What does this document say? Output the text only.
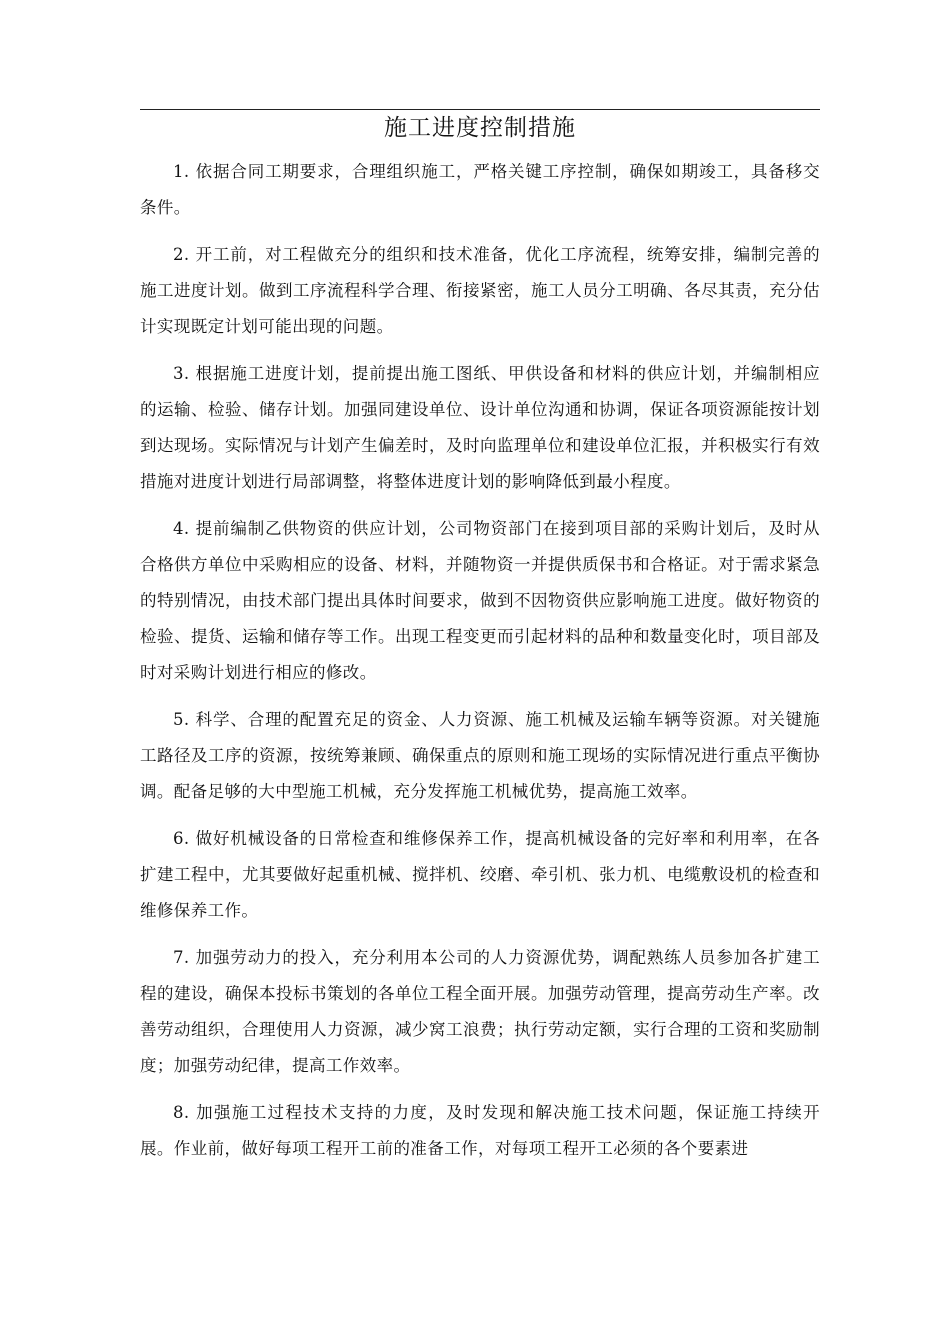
施工进度控制措施

1. 依据合同工期要求，合理组织施工，严格关键工序控制，确保如期竣工，具备移交条件。

2. 开工前，对工程做充分的组织和技术准备，优化工序流程，统筹安排，编制完善的施工进度计划。做到工序流程科学合理、衔接紧密，施工人员分工明确、各尽其责，充分估计实现既定计划可能出现的问题。

3. 根据施工进度计划，提前提出施工图纸、甲供设备和材料的供应计划，并编制相应的运输、检验、储存计划。加强同建设单位、设计单位沟通和协调，保证各项资源能按计划到达现场。实际情况与计划产生偏差时，及时向监理单位和建设单位汇报，并积极实行有效措施对进度计划进行局部调整，将整体进度计划的影响降低到最小程度。

4. 提前编制乙供物资的供应计划，公司物资部门在接到项目部的采购计划后，及时从合格供方单位中采购相应的设备、材料，并随物资一并提供质保书和合格证。对于需求紧急的特别情况，由技术部门提出具体时间要求，做到不因物资供应影响施工进度。做好物资的检验、提货、运输和储存等工作。出现工程变更而引起材料的品种和数量变化时，项目部及时对采购计划进行相应的修改。

5. 科学、合理的配置充足的资金、人力资源、施工机械及运输车辆等资源。对关键施工路径及工序的资源，按统筹兼顾、确保重点的原则和施工现场的实际情况进行重点平衡协调。配备足够的大中型施工机械，充分发挥施工机械优势，提高施工效率。

6. 做好机械设备的日常检查和维修保养工作，提高机械设备的完好率和利用率，在各扩建工程中，尤其要做好起重机械、搅拌机、绞磨、牵引机、张力机、电缆敷设机的检查和维修保养工作。

7. 加强劳动力的投入，充分利用本公司的人力资源优势，调配熟练人员参加各扩建工程的建设，确保本投标书策划的各单位工程全面开展。加强劳动管理，提高劳动生产率。改善劳动组织，合理使用人力资源，减少窝工浪费；执行劳动定额，实行合理的工资和奖励制度；加强劳动纪律，提高工作效率。

8. 加强施工过程技术支持的力度，及时发现和解决施工技术问题，保证施工持续开展。作业前，做好每项工程开工前的准备工作，对每项工程开工必须的各个要素进
